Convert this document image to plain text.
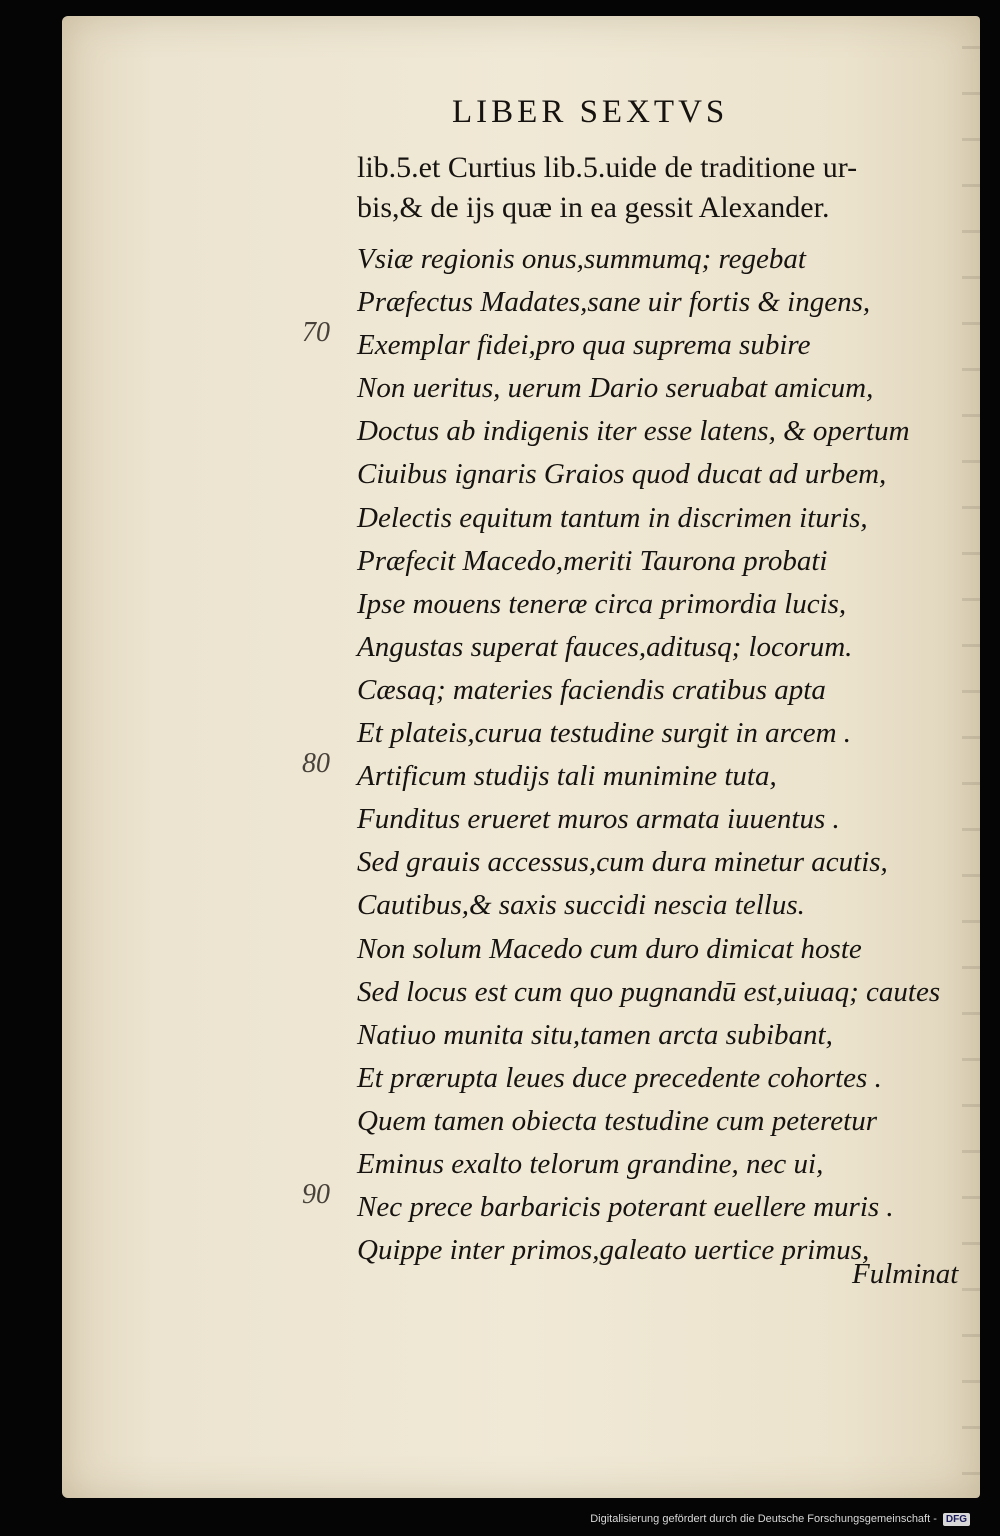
LIBER SEXTVS
lib.5.et Curtius lib.5.uide de traditione ur-
bis,& de ijs quæ in ea gessit Alexander.
Vsiæ regionis onus,summumq; regebat
Præfectus Madates,sane uir fortis & ingens,
Exemplar fidei,pro qua suprema subire
Non ueritus, uerum Dario seruabat amicum,
Doctus ab indigenis iter esse latens, & opertum
Ciuibus ignaris Graios quod ducat ad urbem,
Delectis equitum tantum in discrimen ituris,
Præfecit Macedo,meriti Taurona probati
Ipse mouens teneræ circa primordia lucis,
Angustas superat fauces,aditusq; locorum.
Cæsaq; materies faciendis cratibus apta
Et plateis,curua testudine surgit in arcem .
Artificum studijs tali munimine tuta,
Funditus erueret muros armata iuuentus .
Sed grauis accessus,cum dura minetur acutis,
Cautibus,& saxis succidi nescia tellus.
Non solum Macedo cum duro dimicat hoste
Sed locus est cum quo pugnandū est,uiuaq; cautes
Natiuo munita situ,tamen arcta subibant,
Et prærupta leues duce precedente cohortes .
Quem tamen obiecta testudine cum peteretur
Eminus exalto telorum grandine, nec ui,
Nec prece barbaricis poterant euellere muris .
Quippe inter primos,galeato uertice primus,
70
80
90
Fulminat
Digitalisierung gefördert durch die Deutsche Forschungsgemeinschaft - DFG
